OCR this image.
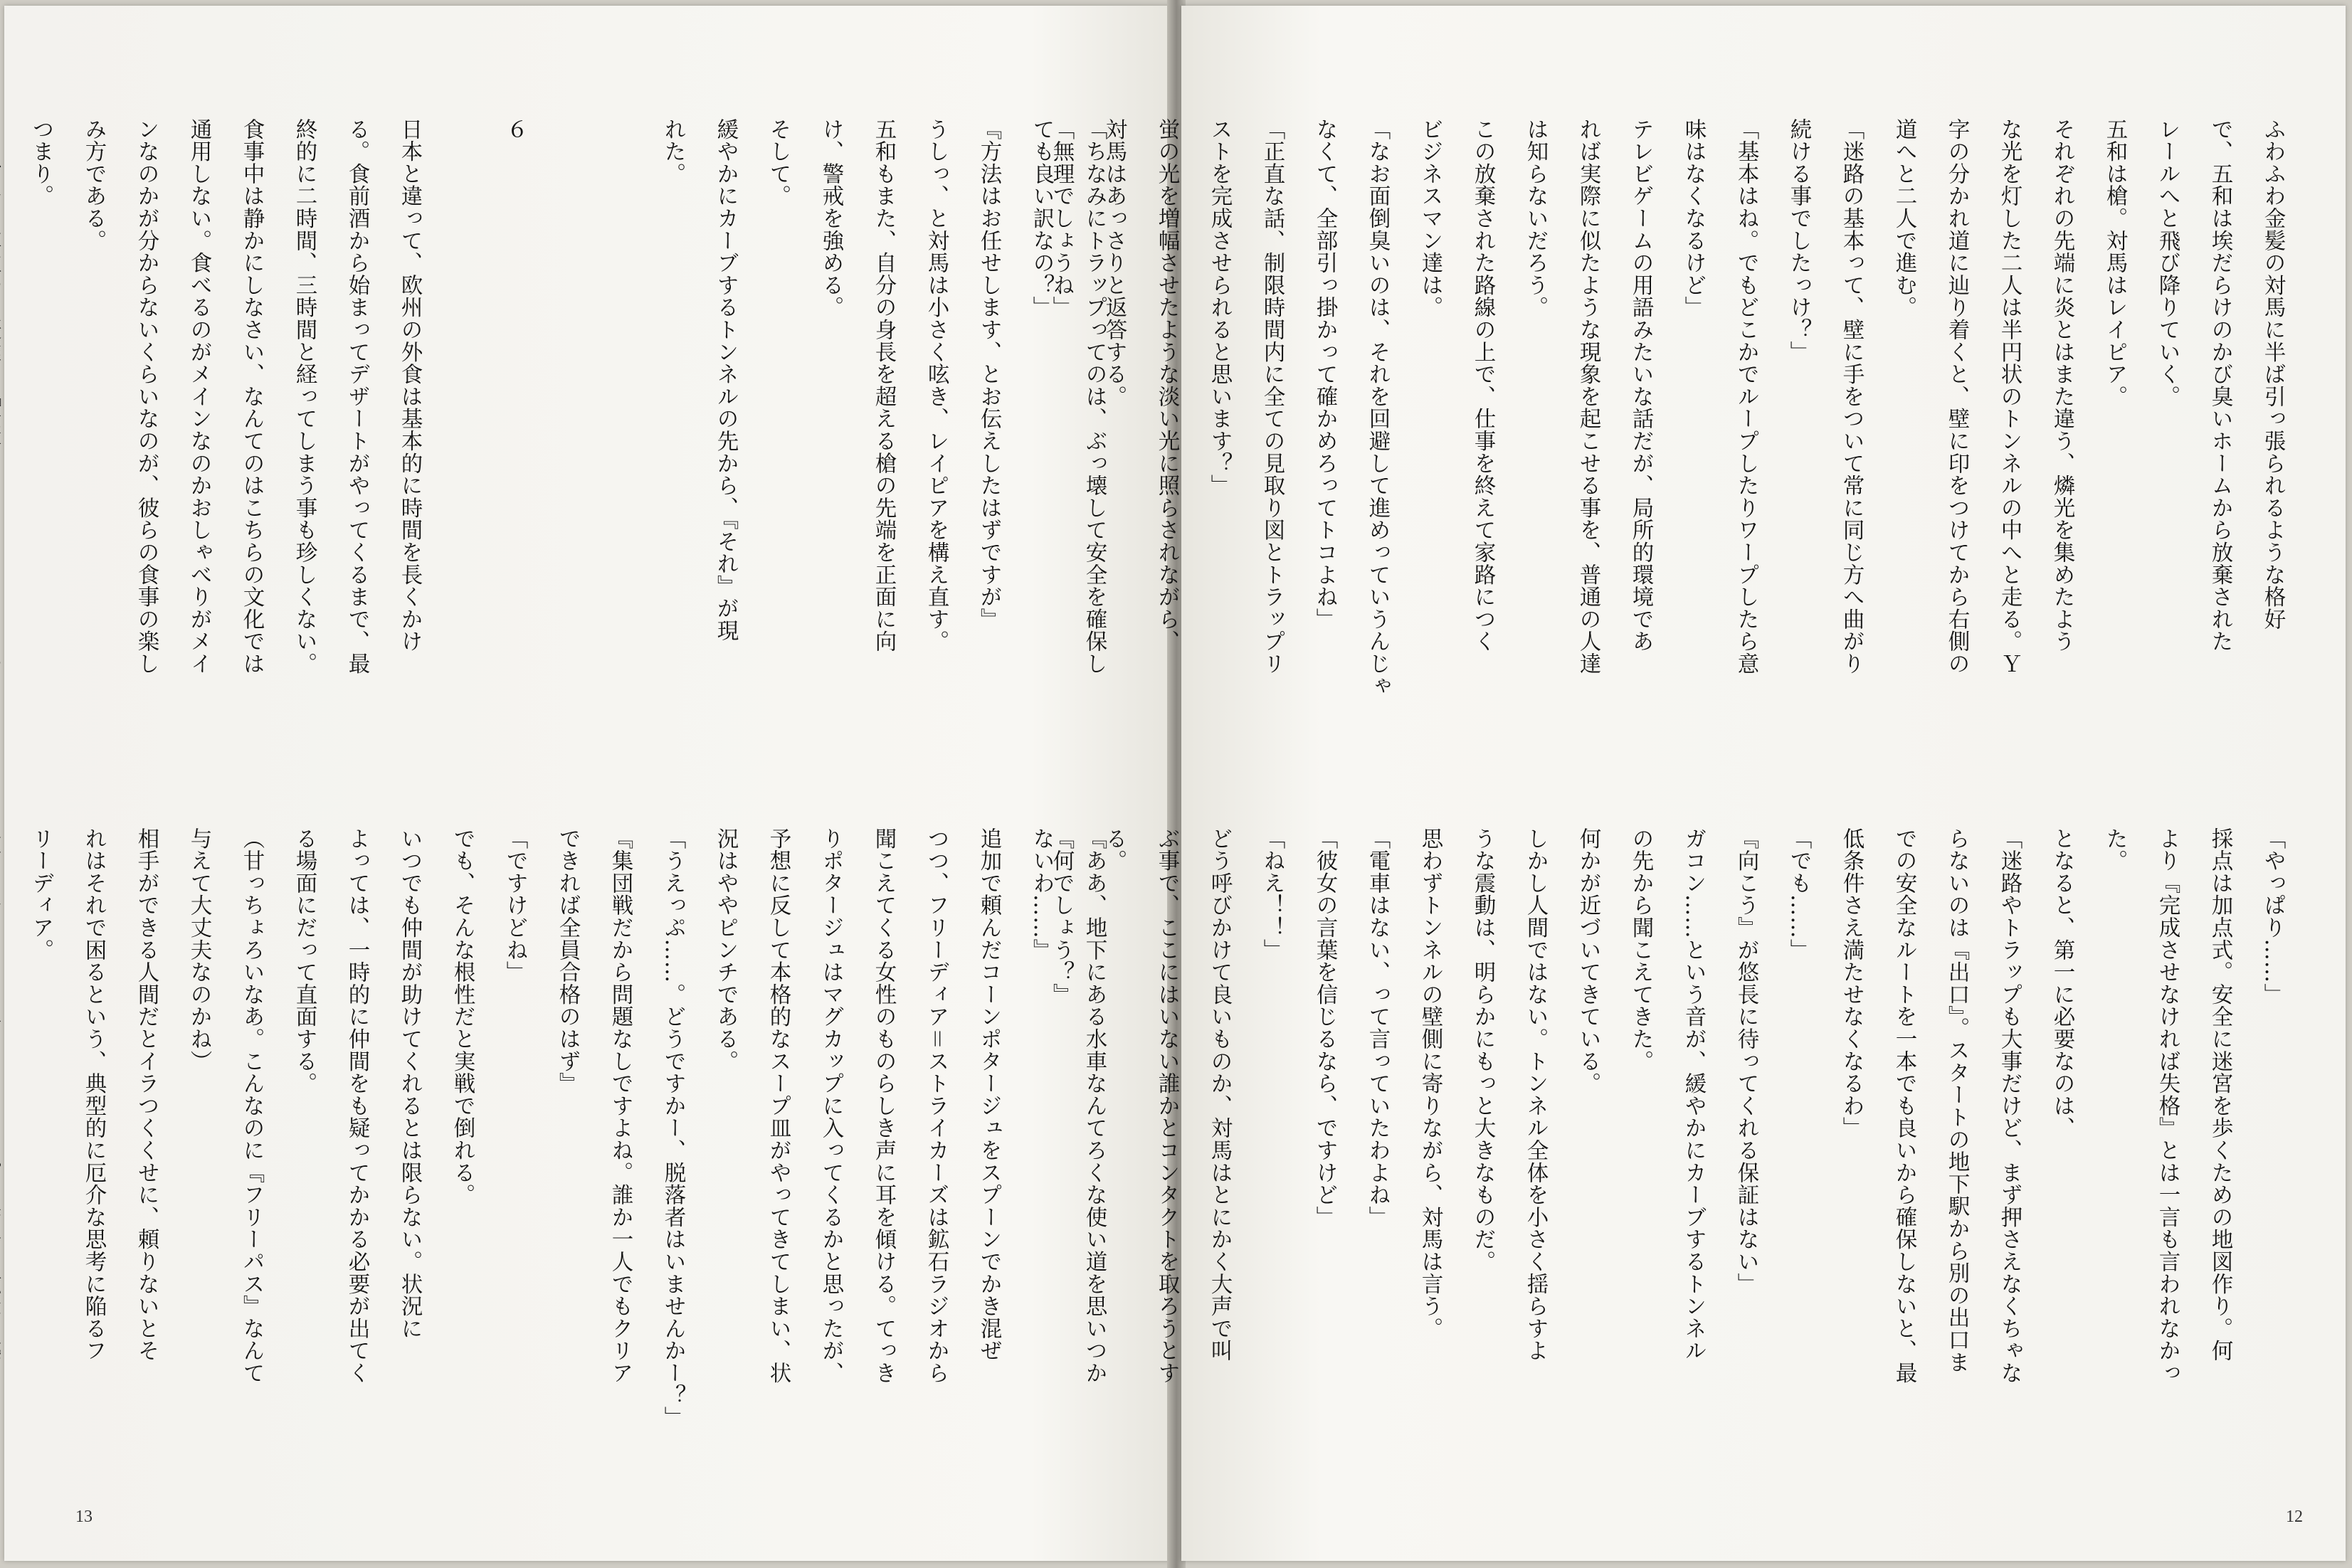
「ちなみにトラップってのは、ぶっ壊して安全を確保し
ても良い訳なの？」
『方法はお任せします、とお伝えしたはずですが』
うしっ、と対馬は小さく呟き、レイピアを構え直す。
五和もまた、自分の身長を超える槍の先端を正面に向
け、警戒を強める。
そして。
緩やかにカーブするトンネルの先から、『それ』が現
れた。

６

日本と違って、欧州の外食は基本的に時間を長くかけ
る。食前酒から始まってデザートがやってくるまで、最
終的に二時間、三時間と経ってしまう事も珍しくない。
食事中は静かにしなさい、なんてのはこちらの文化では
通用しない。食べるのがメインなのかおしゃべりがメイ
ンなのかが分からないくらいなのが、彼らの食事の楽し
み方である。
つまり。

『ああ、地下にある水車なんてろくな使い道を思いつか
ないわ……』
追加で頼んだコーンポタージュをスプーンでかき混ぜ
つつ、フリーディア＝ストライカーズは鉱石ラジオから
聞こえてくる女性のものらしき声に耳を傾ける。てっき
りポタージュはマグカップに入ってくるかと思ったが、
予想に反して本格的なスープ皿がやってきてしまい、状
況はややピンチである。
「うえっぷ……。どうですかー、脱落者はいませんかー？」
『集団戦だから問題なしですよね。誰か一人でもクリア
できれば全員合格のはず』
「ですけどね」
でも、そんな根性だと実戦で倒れる。
いつでも仲間が助けてくれるとは限らない。状況に
よっては、一時的に仲間をも疑ってかかる必要が出てく
る場面にだって直面する。
（甘っちょろいなあ。こんなのに『フリーパス』なんて
与えて大丈夫なのかね）
相手ができる人間だとイラつくくせに、頼りないとそ
れはそれで困るという、典型的に厄介な思考に陥るフ
リーディア。

13
ふわふわ金髪の対馬に半ば引っ張られるような格好
で、五和は埃だらけのかび臭いホームから放棄された
レールへと飛び降りていく。
五和は槍。対馬はレイピア。
それぞれの先端に炎とはまた違う、燐光を集めたよう
な光を灯した二人は半円状のトンネルの中へと走る。Ｙ
字の分かれ道に辿り着くと、壁に印をつけてから右側の
道へと二人で進む。
「迷路の基本って、壁に手をついて常に同じ方へ曲がり
続ける事でしたっけ？」
「基本はね。でもどこかでループしたりワープしたら意
味はなくなるけど」
テレビゲームの用語みたいな話だが、局所的環境であ
れば実際に似たような現象を起こせる事を、普通の人達
は知らないだろう。
この放棄された路線の上で、仕事を終えて家路につく
ビジネスマン達は。
「なお面倒臭いのは、それを回避して進めっていうんじゃ
なくて、全部引っ掛かって確かめろってトコよね」
「正直な話、制限時間内に全ての見取り図とトラップリ
ストを完成させられると思います？」
蛍の光を増幅させたような淡い光に照らされながら、
対馬はあっさりと返答する。
「無理でしょうね」
「やっぱり……」
採点は加点式。安全に迷宮を歩くための地図作り。何
より『完成させなければ失格』とは一言も言われなかっ
た。
となると、第一に必要なのは、
「迷路やトラップも大事だけど、まず押さえなくちゃな
らないのは『出口』。スタートの地下駅から別の出口ま
での安全なルートを一本でも良いから確保しないと、最
低条件さえ満たせなくなるわ」
「でも……」
『向こう』が悠長に待ってくれる保証はない」
ガコン……という音が、緩やかにカーブするトンネル
の先から聞こえてきた。
何かが近づいてきている。
しかし人間ではない。トンネル全体を小さく揺らすよ
うな震動は、明らかにもっと大きなものだ。
思わずトンネルの壁側に寄りながら、対馬は言う。
「電車はない、って言っていたわよね」
「彼女の言葉を信じるなら、ですけど」
「ねえ！！」
どう呼びかけて良いものか、対馬はとにかく大声で叫
ぶ事で、ここにはいない誰かとコンタクトを取ろうとす
る。
『何でしょう？』
12
